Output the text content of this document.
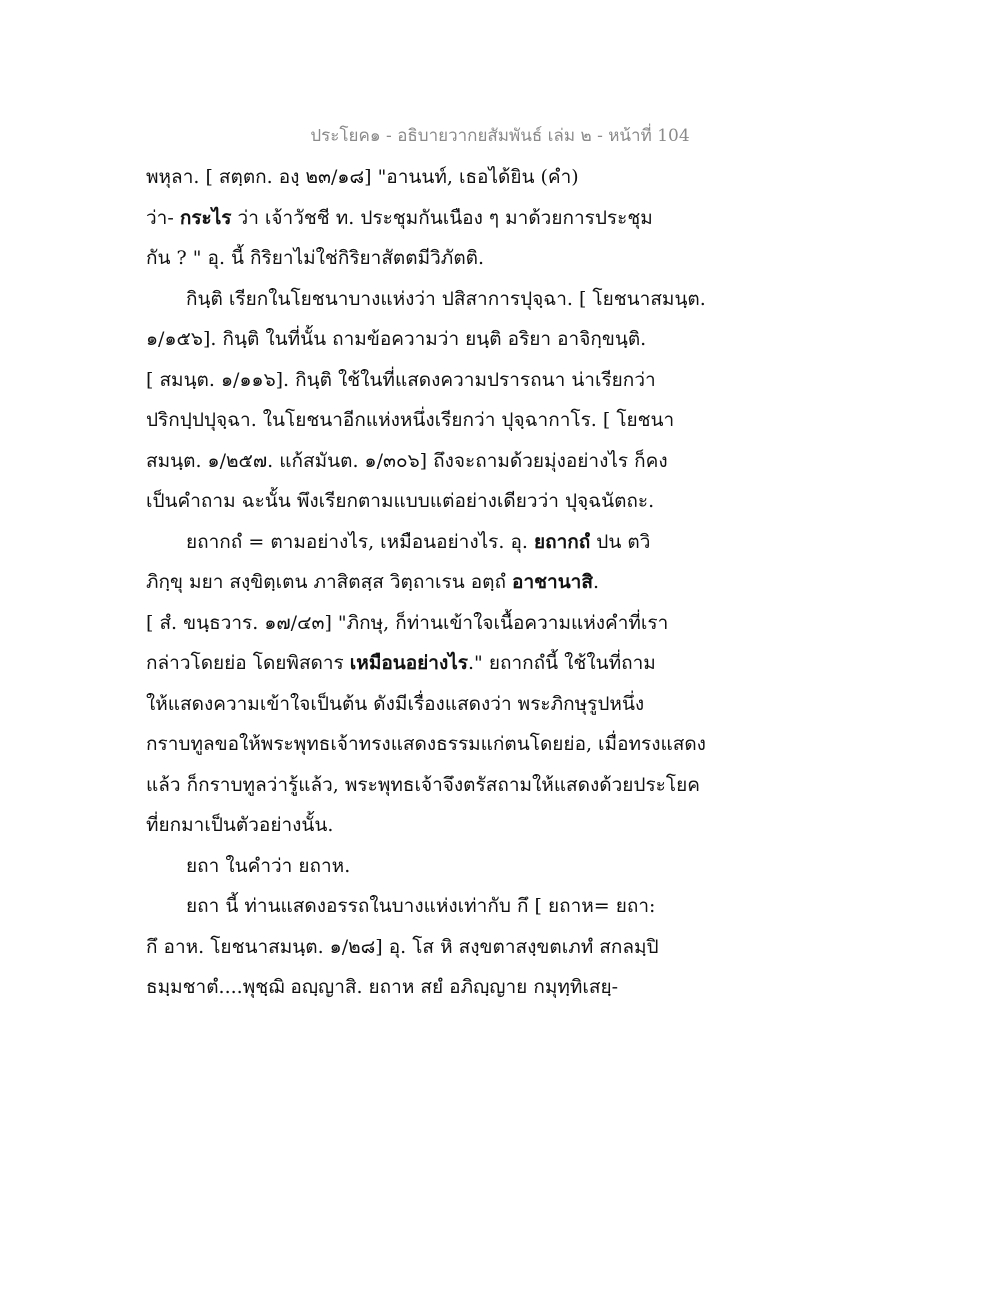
ประโยค๑ - อธิบายวากยสัมพันธ์ เล่ม ๒ - หน้าที่ 104
พหุลา. [ สตฺตก. องฺ ๒๓/๑๘] "อานนท์, เธอได้ยิน (คำ)
ว่า- กระไร ว่า เจ้าวัชชี ท. ประชุมกันเนือง ๆ มาด้วยการประชุม
กัน ? " อุ. นี้ กิริยาไม่ใช่กิริยาสัตตมีวิภัตติ.
กินฺติ เรียกในโยชนาบางแห่งว่า ปสิสาการปุจฺฉา. [ โยชนาสมนฺต.
๑/๑๕๖]. กินฺติ ในที่นั้น ถามข้อความว่า ยนฺติ อริยา อาจิกฺขนฺติ.
[ สมนฺต. ๑/๑๑๖]. กินฺติ ใช้ในที่แสดงความปรารถนา น่าเรียกว่า
ปริกปฺปปุจฺฉา. ในโยชนาอีกแห่งหนึ่งเรียกว่า ปุจฺฉากาโร. [ โยชนา
สมนฺต. ๑/๒๕๗. แก้สมันต. ๑/๓๐๖] ถึงจะถามด้วยมุ่งอย่างไร ก็คง
เป็นคำถาม ฉะนั้น พึงเรียกตามแบบแต่อย่างเดียวว่า ปุจฺฉนัตถะ.
ยถากถํ = ตามอย่างไร, เหมือนอย่างไร. อุ. ยถากถํ ปน ตวิ
ภิกฺขุ มยา สงฺขิตฺเตน ภาสิตสฺส วิตฺถาเรน อตฺถํ อาชานาสิ.
[ สํ. ขนฺธวาร. ๑๗/๔๓] "ภิกษุ, ก็ท่านเข้าใจเนื้อความแห่งคำที่เรา
กล่าวโดยย่อ โดยพิสดาร เหมือนอย่างไร." ยถากถํนี้ ใช้ในที่ถาม
ให้แสดงความเข้าใจเป็นต้น ดังมีเรื่องแสดงว่า พระภิกษุรูปหนึ่ง
กราบทูลขอให้พระพุทธเจ้าทรงแสดงธรรมแก่ตนโดยย่อ, เมื่อทรงแสดง
แล้ว ก็กราบทูลว่ารู้แล้ว, พระพุทธเจ้าจึงตรัสถามให้แสดงด้วยประโยค
ที่ยกมาเป็นตัวอย่างนั้น.
ยถา ในคำว่า ยถาห.
ยถา นี้ ท่านแสดงอรรถในบางแห่งเท่ากับ กึ [ ยถาห= ยถา:
กึ อาห. โยชนาสมนฺต. ๑/๒๘] อุ. โส หิ สงฺขตาสงฺขตเภทํ สกลมฺปิ
ธมฺมชาตํ....พุชฺฌิ อญฺญาสิ. ยถาห สยํ อภิญฺญาย กมุทฺทิเสยฺ-
